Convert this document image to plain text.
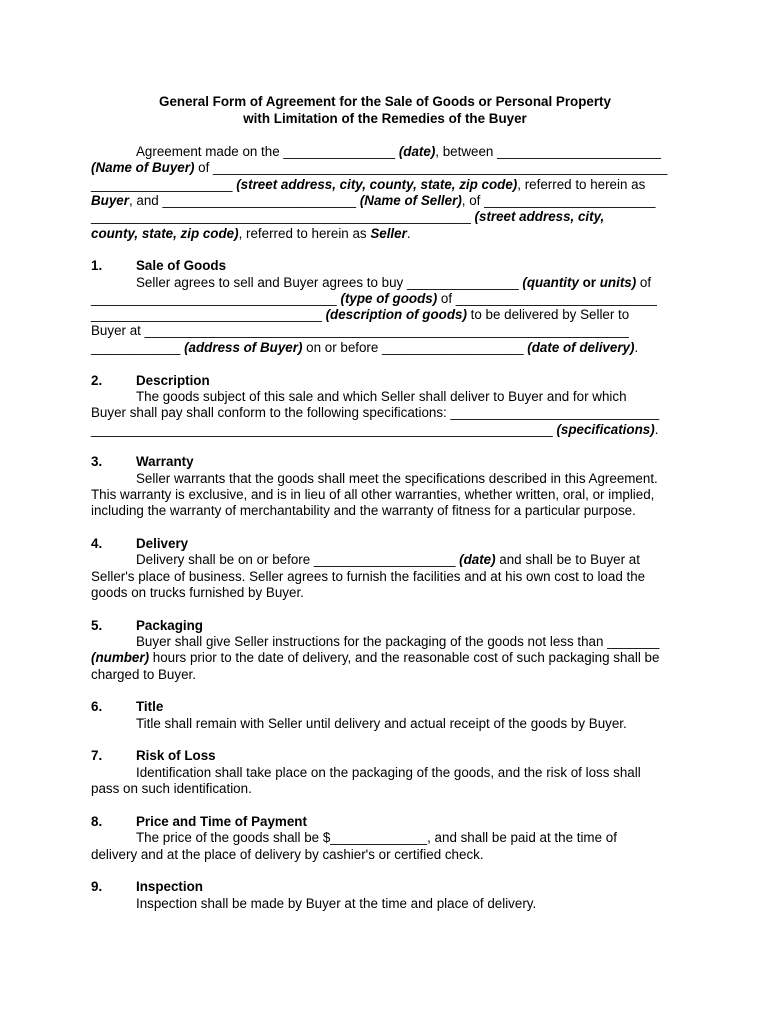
General Form of Agreement for the Sale of Goods or Personal Property
with Limitation of the Remedies of the Buyer
Agreement made on the _______________ (date), between ______________________
(Name of Buyer) of _____________________________________________________________
___________________ (street address, city, county, state, zip code), referred to herein as
Buyer, and __________________________ (Name of Seller), of _______________________
___________________________________________________ (street address, city,
county, state, zip code), referred to herein as Seller.
1.	Sale of Goods
Seller agrees to sell and Buyer agrees to buy _______________ (quantity or units) of
_________________________________ (type of goods) of ___________________________
_______________________________ (description of goods) to be delivered by Seller to
Buyer at _________________________________________________________________
____________ (address of Buyer) on or before ___________________ (date of delivery).
2.	Description
The goods subject of this sale and which Seller shall deliver to Buyer and for which
Buyer shall pay shall conform to the following specifications: ____________________________
______________________________________________________________ (specifications).
3.	Warranty
Seller warrants that the goods shall meet the specifications described in this Agreement.
This warranty is exclusive, and is in lieu of all other warranties, whether written, oral, or implied,
including the warranty of merchantability and the warranty of fitness for a particular purpose.
4.	Delivery
Delivery shall be on or before ___________________ (date) and shall be to Buyer at
Seller's place of business. Seller agrees to furnish the facilities and at his own cost to load the
goods on trucks furnished by Buyer.
5.	Packaging
Buyer shall give Seller instructions for the packaging of the goods not less than _______
(number) hours prior to the date of delivery, and the reasonable cost of such packaging shall be
charged to Buyer.
6.	Title
Title shall remain with Seller until delivery and actual receipt of the goods by Buyer.
7.	Risk of Loss
Identification shall take place on the packaging of the goods, and the risk of loss shall
pass on such identification.
8.	Price and Time of Payment
The price of the goods shall be $_____________, and shall be paid at the time of
delivery and at the place of delivery by cashier's or certified check.
9.	Inspection
Inspection shall be made by Buyer at the time and place of delivery.
